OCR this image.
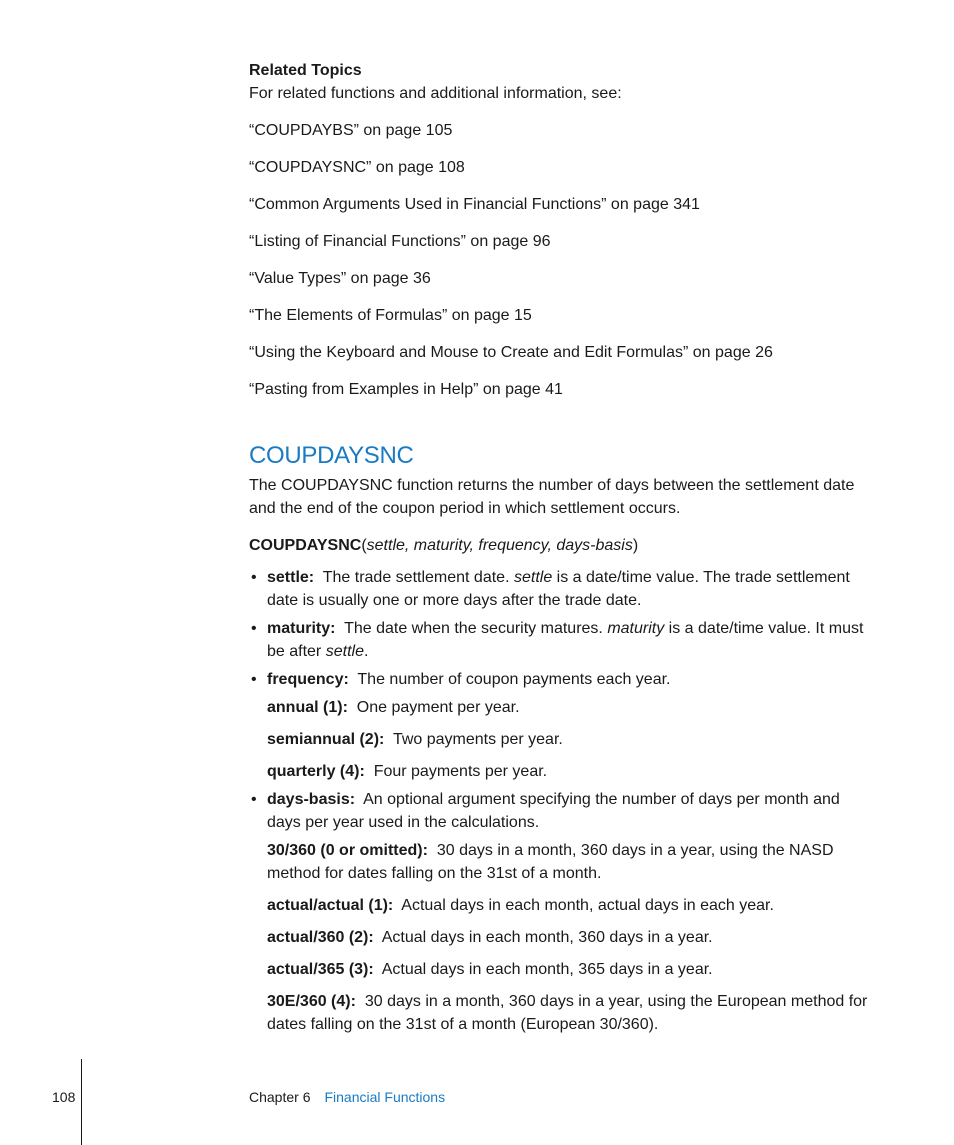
Related Topics
For related functions and additional information, see:
“COUPDAYBS” on page 105
“COUPDAYSNC” on page 108
“Common Arguments Used in Financial Functions” on page 341
“Listing of Financial Functions” on page 96
“Value Types” on page 36
“The Elements of Formulas” on page 15
“Using the Keyboard and Mouse to Create and Edit Formulas” on page 26
“Pasting from Examples in Help” on page 41
COUPDAYSNC

The COUPDAYSNC function returns the number of days between the settlement date and the end of the coupon period in which settlement occurs.

COUPDAYSNC(settle, maturity, frequency, days-basis)

• settle: The trade settlement date. settle is a date/time value. The trade settlement date is usually one or more days after the trade date.
• maturity: The date when the security matures. maturity is a date/time value. It must be after settle.
• frequency: The number of coupon payments each year.
annual (1): One payment per year.
semiannual (2): Two payments per year.
quarterly (4): Four payments per year.
• days-basis: An optional argument specifying the number of days per month and days per year used in the calculations.
30/360 (0 or omitted): 30 days in a month, 360 days in a year, using the NASD method for dates falling on the 31st of a month.
actual/actual (1): Actual days in each month, actual days in each year.
actual/360 (2): Actual days in each month, 360 days in a year.
actual/365 (3): Actual days in each month, 365 days in a year.
30E/360 (4): 30 days in a month, 360 days in a year, using the European method for dates falling on the 31st of a month (European 30/360).
108	Chapter 6 Financial Functions
